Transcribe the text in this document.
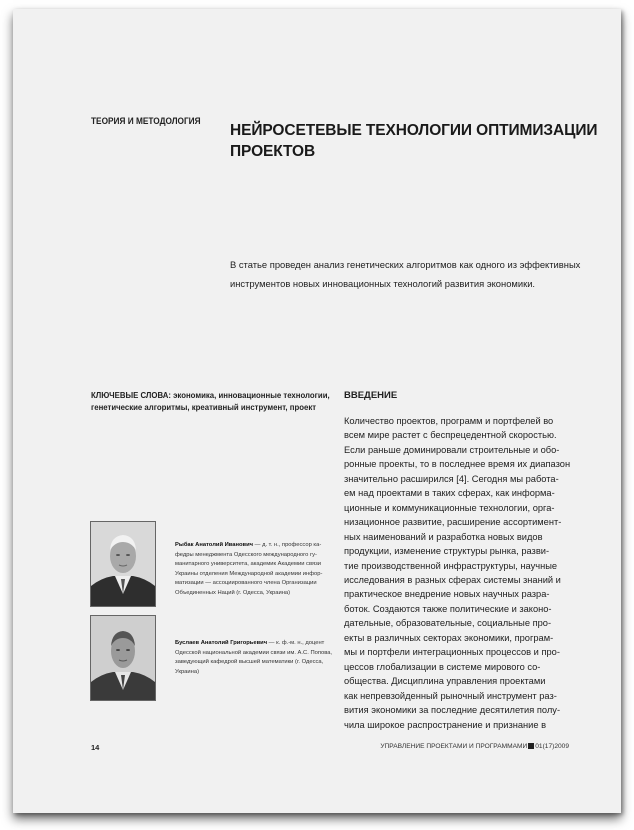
ТЕОРИЯ И МЕТОДОЛОГИЯ
НЕЙРОСЕТЕВЫЕ ТЕХНОЛОГИИ ОПТИМИЗАЦИИ
ПРОЕКТОВ
В статье проведен анализ генетических алгоритмов как одного из эффективных
инструментов новых инновационных технологий развития экономики.
КЛЮЧЕВЫЕ СЛОВА: экономика, инновационные технологии,
генетические алгоритмы, креативный инструмент, проект
ВВЕДЕНИЕ
Количество проектов, программ и портфелей во
всем мире растет с беспрецедентной скоростью.
Если раньше доминировали строительные и обо-
ронные проекты, то в последнее время их диапазон
значительно расширился [4]. Сегодня мы работа-
ем над проектами в таких сферах, как информа-
ционные и коммуникационные технологии, орга-
низационное развитие, расширение ассортимент-
ных наименований и разработка новых видов
продукции, изменение структуры рынка, разви-
тие производственной инфраструктуры, научные
исследования в разных сферах системы знаний и
практическое внедрение новых научных разра-
боток. Создаются также политические и законо-
дательные, образовательные, социальные про-
екты в различных секторах экономики, програм-
мы и портфели интеграционных процессов и про-
цессов глобализации в системе мирового со-
общества. Дисциплина управления проектами
как непревзойденный рыночный инструмент раз-
вития экономики за последние десятилетия полу-
чила широкое распространение и признание в
Рыбак Анатолий Иванович — д. т. н., профессор ка-
федры менеджмента Одесского международного гу-
манитарного университета, академик Академии связи
Украины отделения Международной академии инфор-
матизации — ассоциированного члена Организации
Объединенных Наций (г. Одесса, Украина)
Буслаев Анатолий Григорьевич — к. ф.-м. н., доцент
Одесской национальной академии связи им. А.С. Попова,
заведующий кафедрой высшей математики (г. Одесса,
Украина)
14	УПРАВЛЕНИЕ ПРОЕКТАМИ И ПРОГРАММАМИ 01(17)2009
